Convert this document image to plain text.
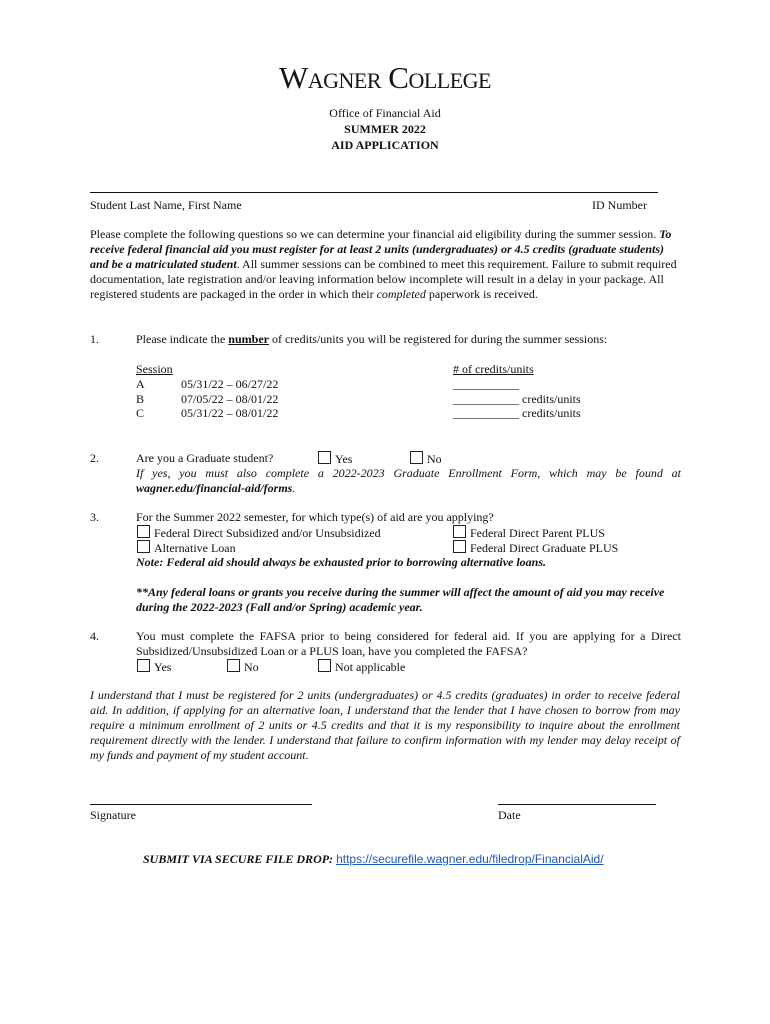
Wagner College
Office of Financial Aid
SUMMER 2022
AID APPLICATION
Student Last Name, First Name	ID Number
Please complete the following questions so we can determine your financial aid eligibility during the summer session. To receive federal financial aid you must register for at least 2 units (undergraduates) or 4.5 credits (graduate students) and be a matriculated student. All summer sessions can be combined to meet this requirement. Failure to submit required documentation, late registration and/or leaving information below incomplete will result in a delay in your package. All registered students are packaged in the order in which their completed paperwork is received.
1.	Please indicate the number of credits/units you will be registered for during the summer sessions:
Session	# of credits/units
A	05/31/22 – 06/27/22	___________
B	07/05/22 – 08/01/22	___________ credits/units
C	05/31/22 – 08/01/22	___________ credits/units
2.	Are you a Graduate student?	Yes	No
If yes, you must also complete a 2022-2023 Graduate Enrollment Form, which may be found at
wagner.edu/financial-aid/forms.
3.	For the Summer 2022 semester, for which type(s) of aid are you applying?
Federal Direct Subsidized and/or Unsubsidized	Federal Direct Parent PLUS
Alternative Loan	Federal Direct Graduate PLUS
Note: Federal aid should always be exhausted prior to borrowing alternative loans.
**Any federal loans or grants you receive during the summer will affect the amount of aid you may receive during the 2022-2023 (Fall and/or Spring) academic year.
4.	You must complete the FAFSA prior to being considered for federal aid. If you are applying for a Direct Subsidized/Unsubsidized Loan or a PLUS loan, have you completed the FAFSA?
Yes	No	Not applicable
I understand that I must be registered for 2 units (undergraduates) or 4.5 credits (graduates) in order to receive federal aid. In addition, if applying for an alternative loan, I understand that the lender that I have chosen to borrow from may require a minimum enrollment of 2 units or 4.5 credits and that it is my responsibility to inquire about the enrollment requirement directly with the lender. I understand that failure to confirm information with my lender may delay receipt of my funds and payment of my student account.
Signature	Date
SUBMIT VIA SECURE FILE DROP: https://securefile.wagner.edu/filedrop/FinancialAid/
